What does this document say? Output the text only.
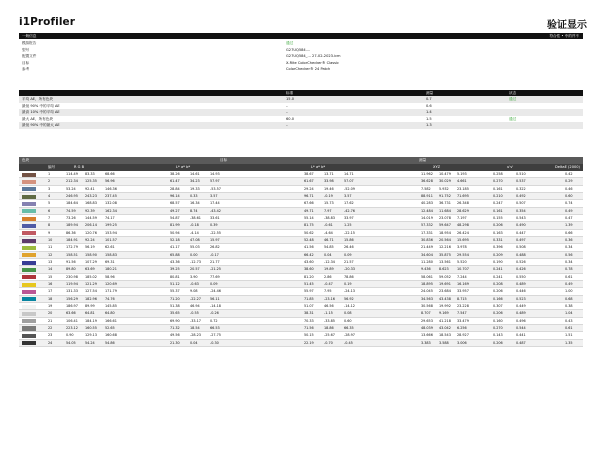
i1Profiler	验证显示
一般信息	符合性 • 中的并不
模拟报告	通过
型号	G27UQ584....
配置文件	G27UQ584_... 27-02-2023.icm
目标	X-Rite ColorChecker® Classic
参考	ColorChecker® 24 Patch
标准	测量	状态
平均 ΔE，所有色块	15.0	0.7	通过
最低 90% 中的平均 ΔE	–	0.6
最高 10% 中的平均 ΔE	–	1.4
最大 ΔE，所有色块	60.0	1.5	通过
最低 90% 中的最大 ΔE	–	1.3
色块	目标	测量
编号	R G B	L* a* b*	L* a* b*	XYZ	u'v'	DeltaE (2000)
1	114.49 83.33	68.66	38.26	14.61	14.93	38.67	13.71	14.71	11.962 10.479 5.193	0.258	0.510	0.42
2	212.34 125.35 56.96	61.47	34.23	57.97	61.67	33.98	57.07	36.628 30.029 4.661	0.270	0.537	0.29
3	53.24	92.41	146.36	28.84	19.33	-53.57	29.24	19.46	-52.09	7.582 5.932 23.185	0.161	0.322	0.46
4	246.95 243.23 237.45	96.14	0.33	3.57	96.71	-0.19	3.57	88.911 91.752 71.695	0.210	0.492	0.60
5	184.64 168.83 132.08	68.57	16.34	17.44	67.66	15.73	17.62	40.283 36.731 26.348	0.247	0.507	0.74
6	74.59	92.39	162.34	49.27	8.74	-43.42	49.71	7.97	-42.76	12.484 11.684 28.629	0.161	0.354	0.49
7	73.26	144.59 74.17	54.87	-38.61	33.61	55.14	-38.83	33.97	14.019 23.078 7.197	0.155	0.543	0.47
8	189.94 206.14 199.25	81.99	-0.18	0.39	81.75	-0.61	1.25	57.332 59.647 48.298	0.206	0.490	1.39
9	86.36	120.76 153.94	50.94	-4.14	-22.55	50.62	-4.64	-22.15	17.331 18.954 26.424	0.163	0.447	0.66
10	184.91 92.24	101.57	52.18	47.08	15.97	52.48	46.71	15.86	30.836 20.564 15.695	0.331	0.497	0.36
11	172.79 56.19	62.61	41.17	55.03	26.82	41.56	54.85	26.46	21.449 12.216 3.978	0.396	0.508	0.34
12	158.51 158.90 158.83	65.88	0.00	-0.17	66.42	0.04	0.09	34.604 35.875 29.554	0.209	0.488	0.56
13	91.56	107.29 69.31	43.36	-12.73	21.77	43.60	-12.34	21.57	11.280 13.561 5.520	0.190	0.526	0.34
14	89.80	63.69	180.21	39.25	20.57	-21.25	38.60	19.89	-20.33	9.436 8.623 10.707	0.241	0.426	0.78
15	230.98 185.02 58.96	80.81	3.90	77.69	81.20	2.86	78.86	58.061 59.052 7.244	0.241	0.550	0.61
16	119.94 121.29 120.69	51.12	-0.63	0.09	51.45	-0.47	0.19	18.895 19.691 16.169	0.208	0.489	0.49
17	131.33 127.54 171.79	55.37	9.08	-24.46	55.97	7.95	-24.13	24.045 23.684 33.957	0.206	0.446	1.00
18	156.29 182.96 74.76	71.20	-22.27	56.11	71.85	-23.16	56.92	34.563 43.438 8.715	0.166	0.523	0.68
19	186.97 89.99	145.85	51.38	46.94	-14.18	51.07	46.56	-14.12	30.568 19.992 23.228	0.307	0.449	0.38
20	63.66	64.81	64.80	35.65	-0.55	-0.26	38.31	-1.15	0.08	8.707 9.169 7.547	0.206	0.489	1.04
21	106.41 184.19 166.61	69.90	-33.17	0.72	70.33	-33.85	0.60	29.653 41.218 33.479	0.160	0.496	0.43
22	223.12 160.55 52.65	71.32	18.54	66.53	71.56	18.86	66.35	48.039 43.042 6.256	0.270	0.544	0.61
23	0.90	129.13 160.68	49.56	-28.23	-27.75	50.15	-25.67	-28.97	13.666 18.543 28.927	0.143	0.441	1.51
24	54.05	54.24	54.86	21.30	0.04	-0.30	22.19	-0.70	-0.45	3.383 3.588 3.006	0.206	0.487	1.35
